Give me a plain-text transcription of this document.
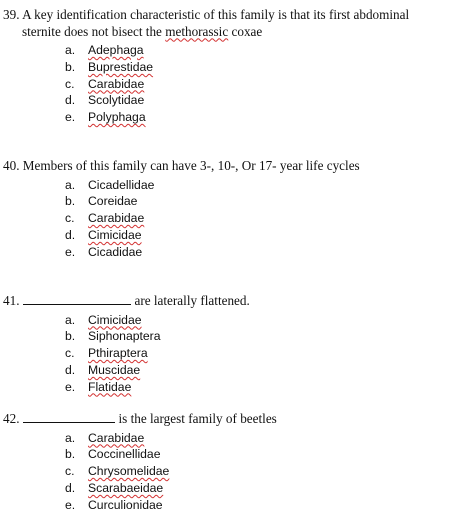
39. A key identification characteristic of this family is that its first abdominal
sternite does not bisect the methorassic coxae
a. Adephaga
b. Buprestidae
c. Carabidae
d. Scolytidae
e. Polyphaga
40. Members of this family can have 3-, 10-, Or 17- year life cycles
a. Cicadellidae
b. Coreidae
c. Carabidae
d. Cimicidae
e. Cicadidae
41.	are laterally flattened.
a. Cimicidae
b. Siphonaptera
c. Pthiraptera
d. Muscidae
e. Flatidae
42.	is the largest family of beetles
a. Carabidae
b. Coccinellidae
c. Chrysomelidae
d. Scarabaeidae
e. Curculionidae
